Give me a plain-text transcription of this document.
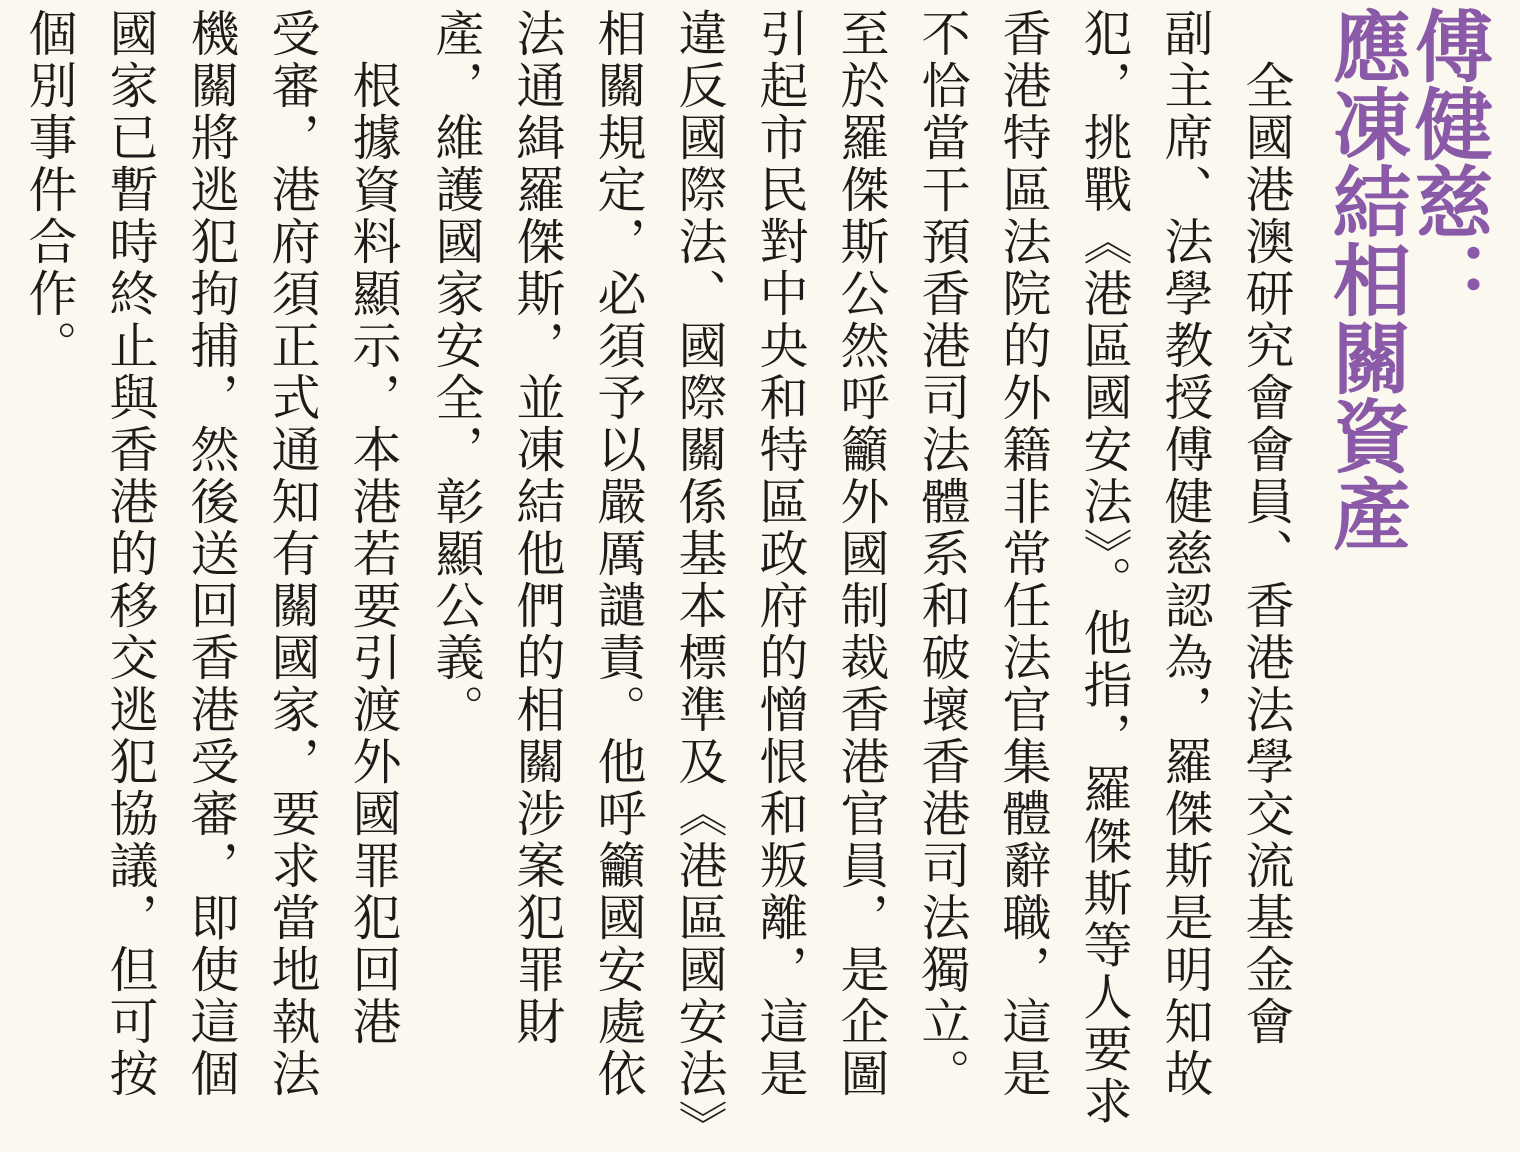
傅健慈：
應凍結相關資產
　全國港澳研究會會員、香港法學交流基金會
副主席、法學教授傅健慈認為，羅傑斯是明知故
犯，挑戰《港區國安法》。他指，羅傑斯等人要求
香港特區法院的外籍非常任法官集體辭職，這是
不恰當干預香港司法體系和破壞香港司法獨立。
至於羅傑斯公然呼籲外國制裁香港官員，是企圖
引起市民對中央和特區政府的憎恨和叛離，這是
違反國際法、國際關係基本標準及《港區國安法》
相關規定，必須予以嚴厲譴責。他呼籲國安處依
法通緝羅傑斯，並凍結他們的相關涉案犯罪財
產，維護國家安全，彰顯公義。
　根據資料顯示，本港若要引渡外國罪犯回港
受審，港府須正式通知有關國家，要求當地執法
機關將逃犯拘捕，然後送回香港受審，即使這個
國家已暫時終止與香港的移交逃犯協議，但可按
個別事件合作。
